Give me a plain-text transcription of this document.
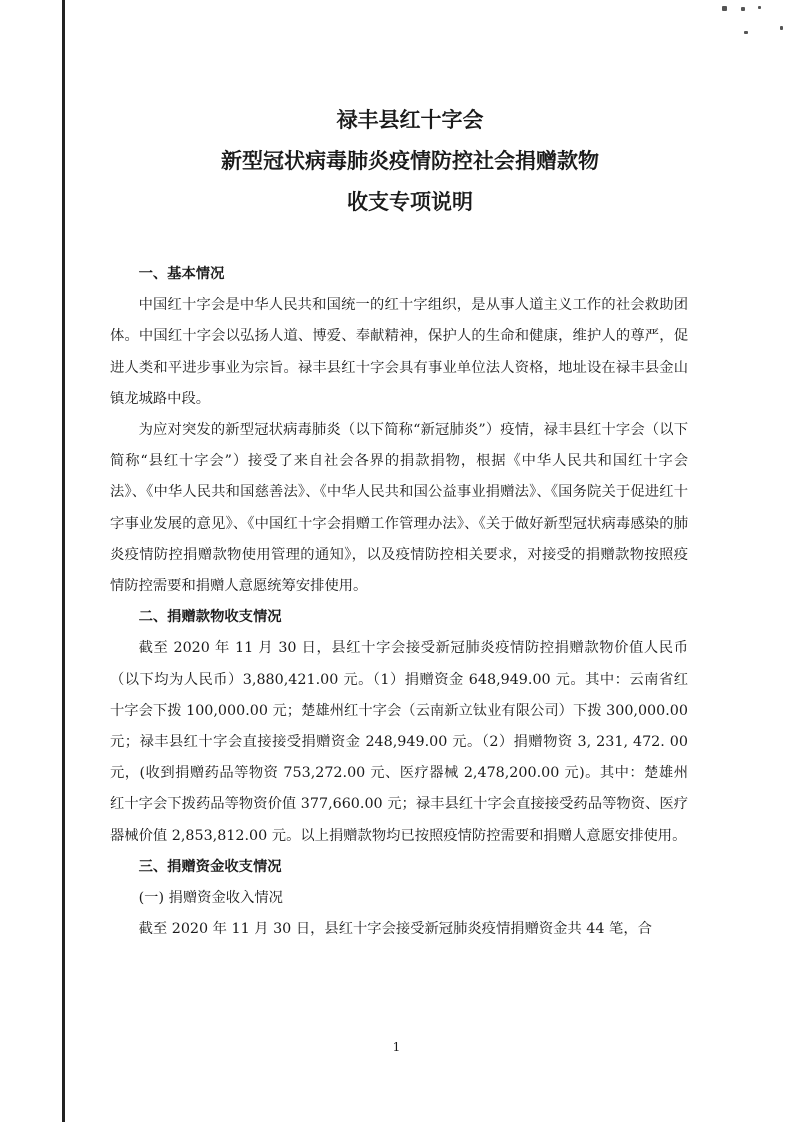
禄丰县红十字会
新型冠状病毒肺炎疫情防控社会捐赠款物
收支专项说明
一、基本情况

中国红十字会是中华人民共和国统一的红十字组织，是从事人道主义工作的社会救助团体。中国红十字会以弘扬人道、博爱、奉献精神，保护人的生命和健康，维护人的尊严，促进人类和平进步事业为宗旨。禄丰县红十字会具有事业单位法人资格，地址设在禄丰县金山镇龙城路中段。

为应对突发的新型冠状病毒肺炎（以下简称“新冠肺炎”）疫情，禄丰县红十字会（以下简称“县红十字会”）接受了来自社会各界的捐款捐物，根据《中华人民共和国红十字会法》、《中华人民共和国慈善法》、《中华人民共和国公益事业捐赠法》、《国务院关于促进红十字事业发展的意见》、《中国红十字会捐赠工作管理办法》、《关于做好新型冠状病毒感染的肺炎疫情防控捐赠款物使用管理的通知》，以及疫情防控相关要求，对接受的捐赠款物按照疫情防控需要和捐赠人意愿统筹安排使用。

二、捐赠款物收支情况

截至 2020 年 11 月 30 日，县红十字会接受新冠肺炎疫情防控捐赠款物价值人民币（以下均为人民币）3,880,421.00 元。（1）捐赠资金 648,949.00 元。其中：云南省红十字会下拨 100,000.00 元；楚雄州红十字会（云南新立钛业有限公司）下拨 300,000.00 元；禄丰县红十字会直接接受捐赠资金 248,949.00 元。（2）捐赠物资 3, 231, 472. 00 元，(收到捐赠药品等物资 753,272.00 元、医疗器械 2,478,200.00 元)。其中：楚雄州红十字会下拨药品等物资价值 377,660.00 元；禄丰县红十字会直接接受药品等物资、医疗器械价值 2,853,812.00 元。以上捐赠款物均已按照疫情防控需要和捐赠人意愿安排使用。

三、捐赠资金收支情况
(一) 捐赠资金收入情况

截至 2020 年 11 月 30 日，县红十字会接受新冠肺炎疫情捐赠资金共 44 笔，合

1
